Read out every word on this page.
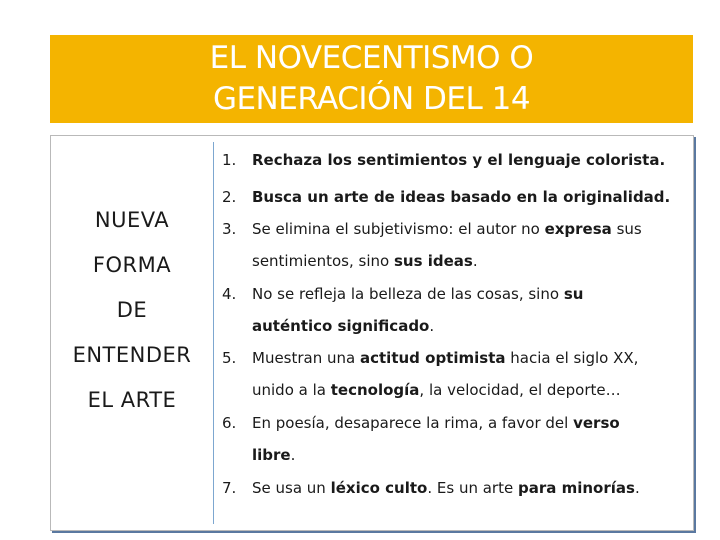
EL NOVECENTISMO O
GENERACIÓN DEL 14
NUEVA
FORMA
DE
ENTENDER
EL ARTE
1. Rechaza los sentimientos y el lenguaje colorista.
2. Busca un arte de ideas basado en la originalidad.
3. Se elimina el subjetivismo: el autor no expresa sus
sentimientos, sino sus ideas.
4. No se refleja la belleza de las cosas, sino su
auténtico significado.
5. Muestran una actitud optimista hacia el siglo XX,
unido a la tecnología, la velocidad, el deporte…
6. En poesía, desaparece la rima, a favor del verso
libre.
7. Se usa un léxico culto. Es un arte para minorías.
